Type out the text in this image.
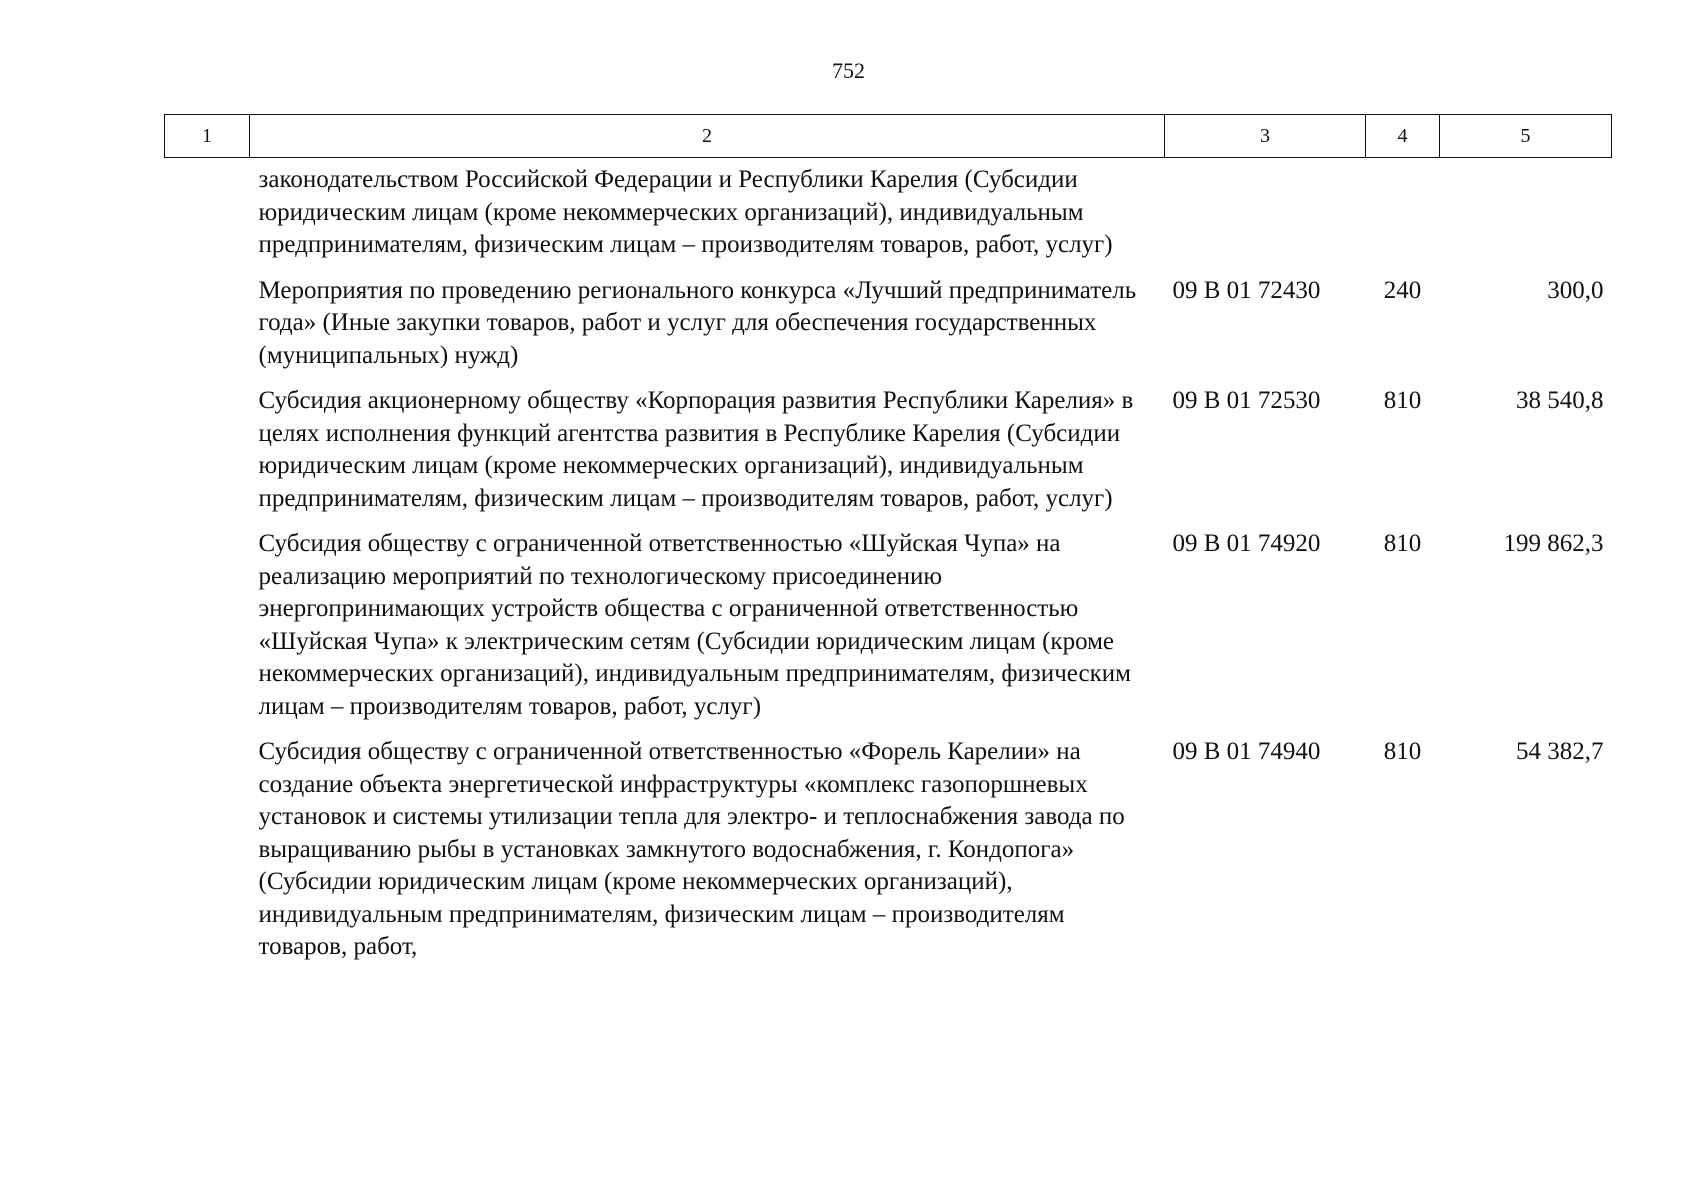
752
1	2	3	4	5
	законодательством Российской Федерации и Республики Карелия (Субсидии юридическим лицам (кроме некоммерческих организаций), индивидуальным предпринимателям, физическим лицам – производителям товаров, работ, услуг)			
	Мероприятия по проведению регионального конкурса «Лучший предприниматель года» (Иные закупки товаров, работ и услуг для обеспечения государственных (муниципальных) нужд)	09 В 01 72430	240	300,0
	Субсидия акционерному обществу «Корпорация развития Республики Карелия» в целях исполнения функций агентства развития в Республике Карелия (Субсидии юридическим лицам (кроме некоммерческих организаций), индивидуальным предпринимателям, физическим лицам – производителям товаров, работ, услуг)	09 В 01 72530	810	38 540,8
	Субсидия обществу с ограниченной ответственностью «Шуйская Чупа» на реализацию мероприятий по технологическому присоединению энергопринимающих устройств общества с ограниченной ответственностью «Шуйская Чупа» к электрическим сетям (Субсидии юридическим лицам (кроме некоммерческих организаций), индивидуальным предпринимателям, физическим лицам – производителям товаров, работ, услуг)	09 В 01 74920	810	199 862,3
	Субсидия обществу с ограниченной ответственностью «Форель Карелии» на создание объекта энергетической инфраструктуры «комплекс газопоршневых установок и системы утилизации тепла для электро- и теплоснабжения завода по выращиванию рыбы в установках замкнутого водоснабжения, г. Кондопога» (Субсидии юридическим лицам (кроме некоммерческих организаций), индивидуальным предпринимателям, физическим лицам – производителям товаров, работ,	09 В 01 74940	810	54 382,7
